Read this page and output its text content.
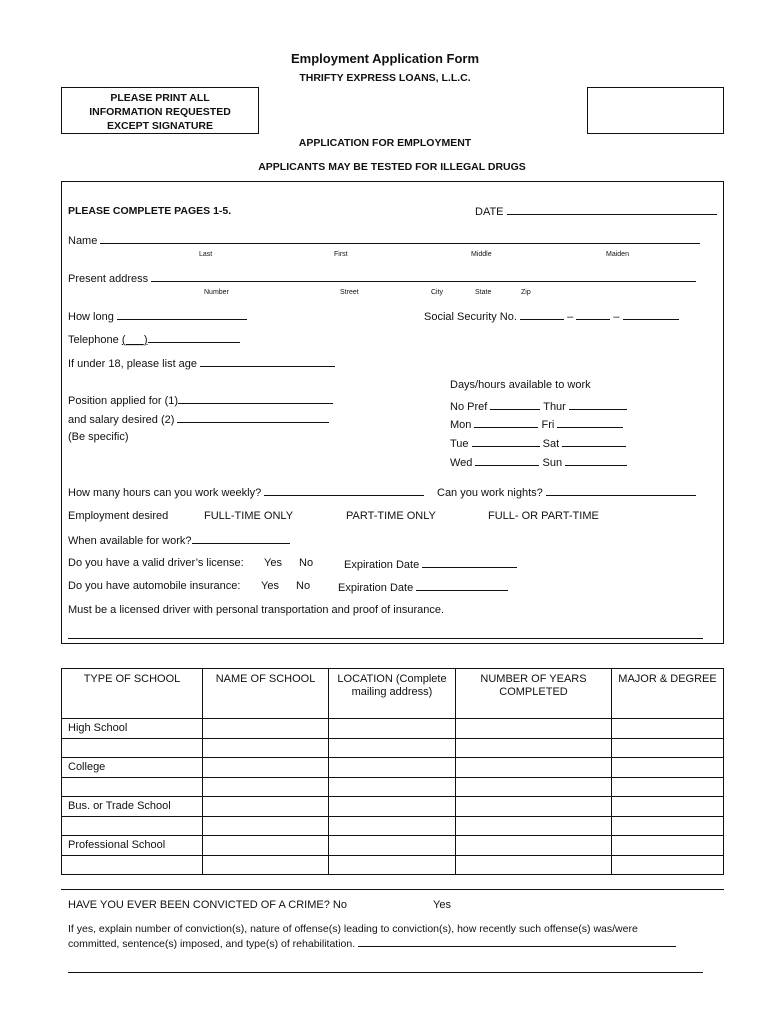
Employment Application Form
THRIFTY EXPRESS LOANS, L.L.C.
PLEASE PRINT ALL
INFORMATION REQUESTED
EXCEPT SIGNATURE
APPLICATION FOR EMPLOYMENT
APPLICANTS MAY BE TESTED FOR ILLEGAL DRUGS
PLEASE COMPLETE PAGES 1-5.	DATE
Name
Last	First	Middle	Maiden
Present address
Number	Street	City	State	Zip
How long	Social Security No.	–	–
Telephone (___)
If under 18, please list age
Position applied for (1)
and salary desired (2)
(Be specific)
Days/hours available to work
No Pref	Thur
Mon	Fri
Tue	Sat
Wed	Sun
How many hours can you work weekly?	Can you work nights?
Employment desired	FULL-TIME ONLY	PART-TIME ONLY	FULL- OR PART-TIME
When available for work?
Do you have a valid driver’s license: Yes No	Expiration Date
Do you have automobile insurance: Yes No	Expiration Date
Must be a licensed driver with personal transportation and proof of insurance.
TYPE OF SCHOOL	NAME OF SCHOOL	LOCATION (Complete mailing address)	NUMBER OF YEARS COMPLETED	MAJOR & DEGREE
High School				

College				

Bus. or Trade School				

Professional School				

HAVE YOU EVER BEEN CONVICTED OF A CRIME? No	Yes
If yes, explain number of conviction(s), nature of offense(s) leading to conviction(s), how recently such offense(s) was/were
committed, sentence(s) imposed, and type(s) of rehabilitation.
